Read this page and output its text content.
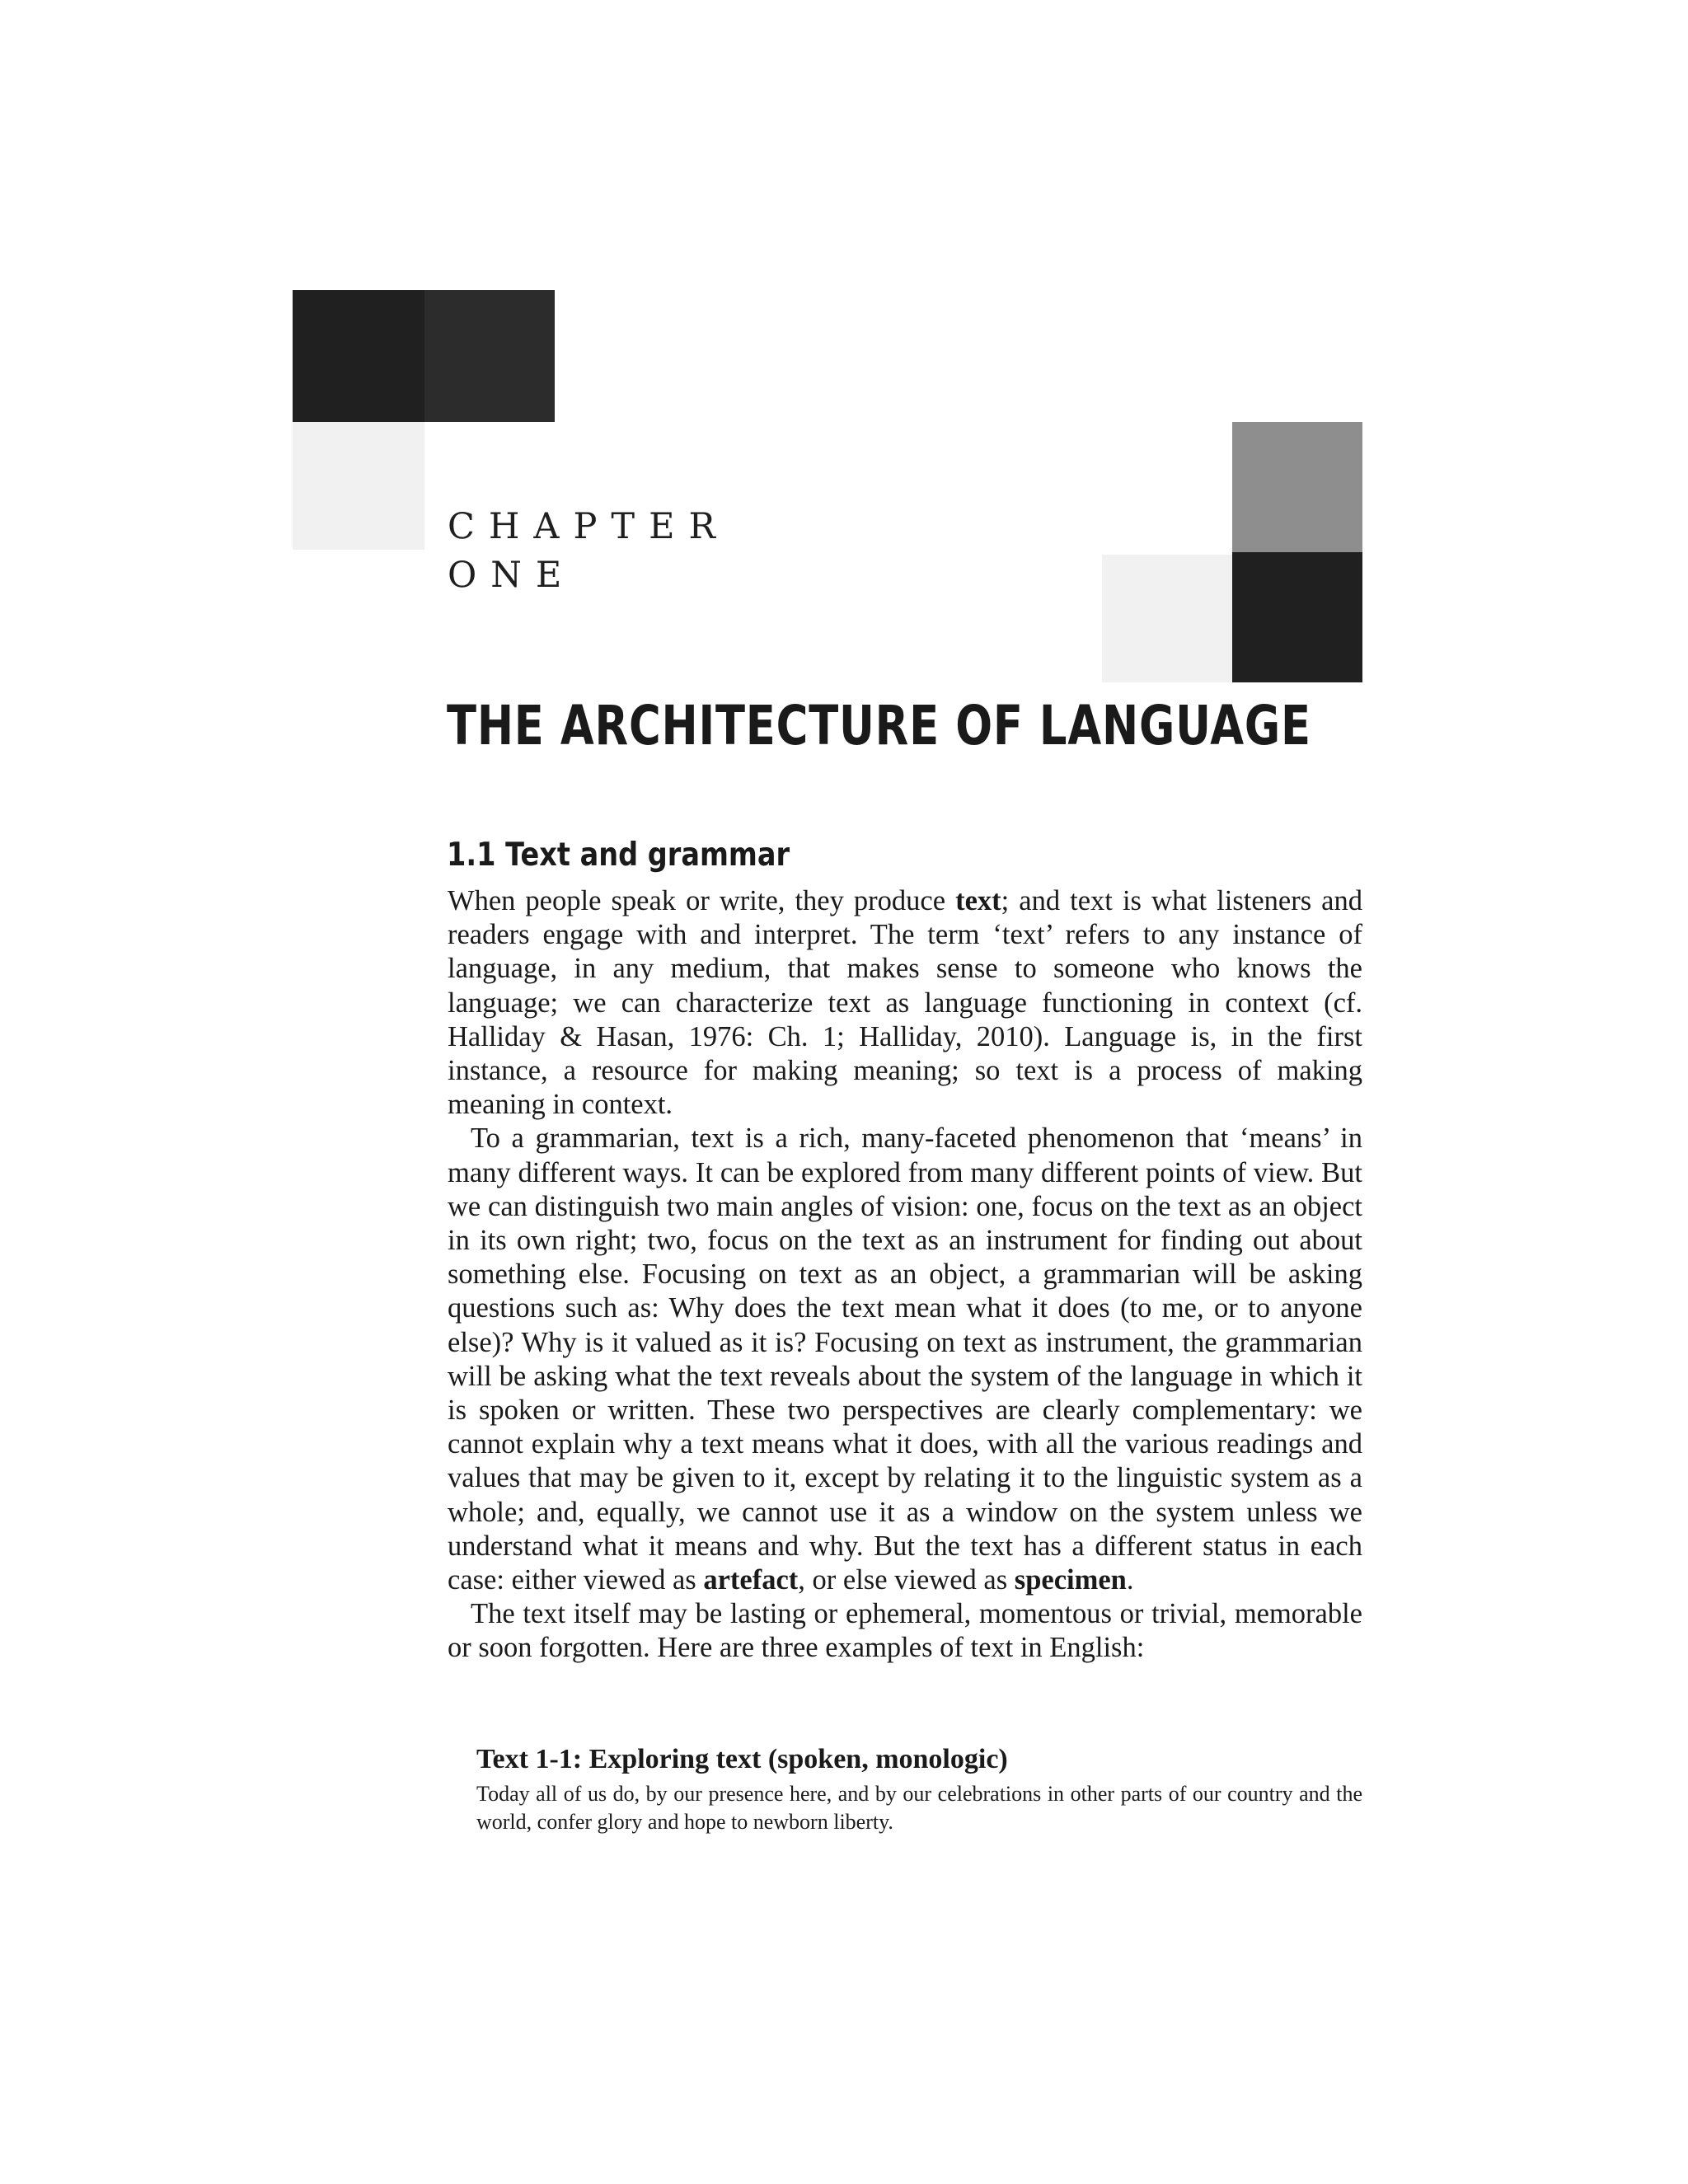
CHAPTER
ONE
THE ARCHITECTURE OF LANGUAGE
1.1 Text and grammar

When people speak or write, they produce text; and text is what listeners and readers engage with and interpret. The term ‘text’ refers to any instance of language, in any medium, that makes sense to someone who knows the language; we can characterize text as language functioning in context (cf. Halliday & Hasan, 1976: Ch. 1; Halliday, 2010). Language is, in the first instance, a resource for making meaning; so text is a process of making meaning in context.

To a grammarian, text is a rich, many-faceted phenomenon that ‘means’ in many different ways. It can be explored from many different points of view. But we can distinguish two main angles of vision: one, focus on the text as an object in its own right; two, focus on the text as an instrument for finding out about something else. Focusing on text as an object, a grammarian will be asking questions such as: Why does the text mean what it does (to me, or to anyone else)? Why is it valued as it is? Focusing on text as instrument, the grammarian will be asking what the text reveals about the system of the language in which it is spoken or written. These two perspectives are clearly complementary: we cannot explain why a text means what it does, with all the various readings and values that may be given to it, except by relating it to the linguistic system as a whole; and, equally, we cannot use it as a window on the system unless we understand what it means and why. But the text has a different status in each case: either viewed as artefact, or else viewed as specimen.

The text itself may be lasting or ephemeral, momentous or trivial, memorable or soon forgotten. Here are three examples of text in English:

Text 1-1: Exploring text (spoken, monologic)

Today all of us do, by our presence here, and by our celebrations in other parts of our country and the world, confer glory and hope to newborn liberty.
